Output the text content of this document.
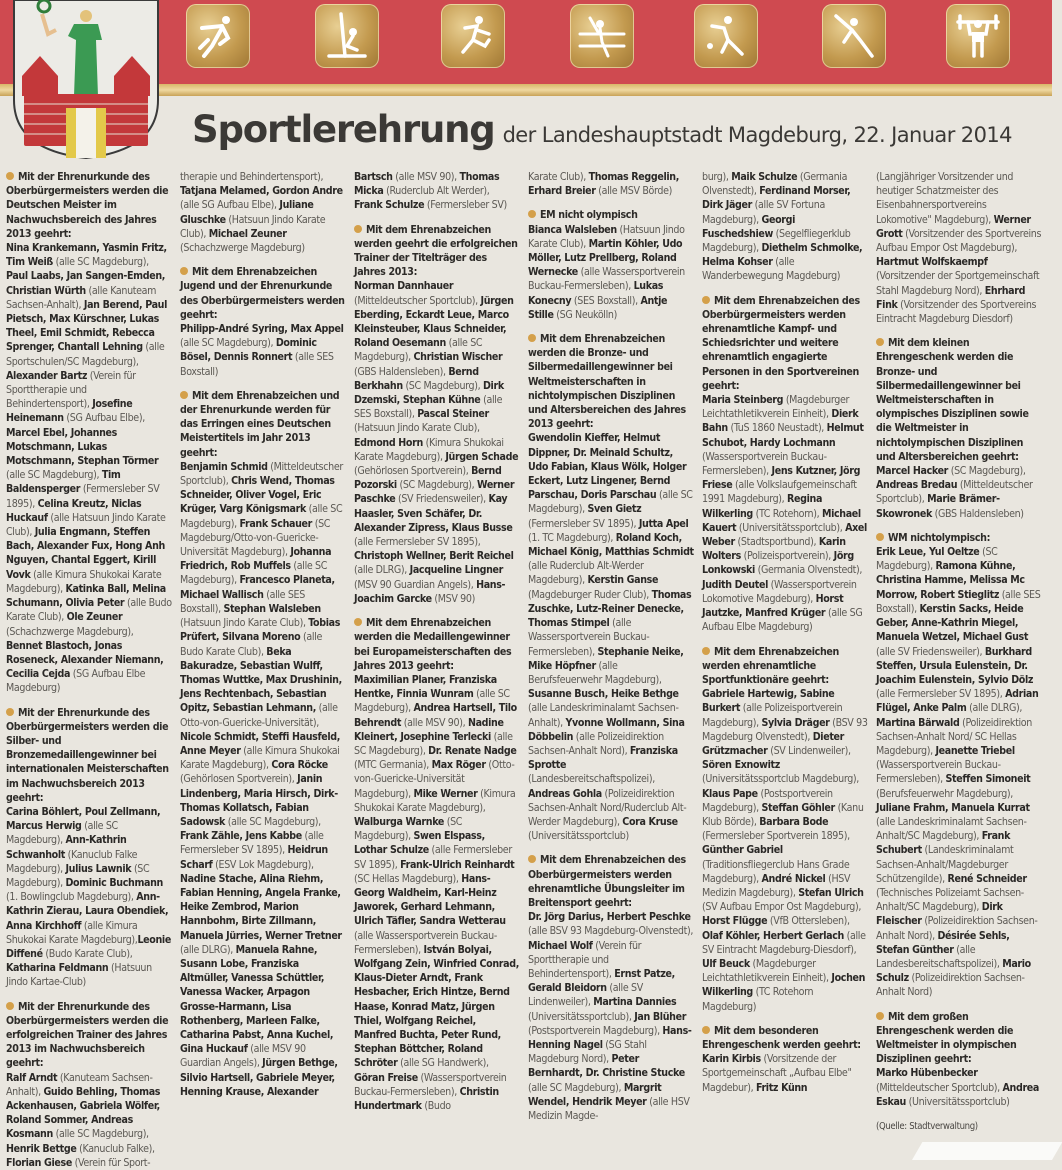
Sportlerehrung der Landeshauptstadt Magdeburg, 22. Januar 2014

Mit der Ehrenurkunde des Oberbürgermeisters werden die Deutschen Meister im Nachwuchsbereich des Jahres 2013 geehrt:
Nina Krankemann, Yasmin Fritz, Tim Weiß (alle SC Magdeburg), Paul Laabs, Jan Sangen-Emden, Christian Würth (alle Kanuteam Sachsen-Anhalt), Jan Berend, Paul Pietsch, Max Kürschner, Lukas Theel, Emil Schmidt, Rebecca Sprenger, Chantall Lehning (alle Sportschulen/SC Magdeburg), Alexander Bartz (Verein für Sporttherapie und Behindertensport), Josefine Heinemann (SG Aufbau Elbe), Marcel Ebel, Johannes Motschmann, Lukas Motschmann, Stephan Törmer (alle SC Magdeburg), Tim Baldensperger (Fermersleber SV 1895), Celina Kreutz, Niclas Huckauf (alle Hatsuun Jindo Karate Club), Julia Engmann, Steffen Bach, Alexander Fux, Hong Anh Nguyen, Chantal Eggert, Kirill Vovk (alle Kimura Shukokai Karate Magdeburg), Katinka Ball, Melina Schumann, Olivia Peter (alle Budo Karate Club), Ole Zeuner (Schachzwerge Magdeburg), Bennet Blastoch, Jonas Roseneck, Alexander Niemann, Cecilia Cejda (SG Aufbau Elbe Magdeburg)

Mit der Ehrenurkunde des Oberbürgermeisters werden die Silber- und Bronzemedaillengewinner bei internationalen Meisterschaften im Nachwuchsbereich 2013 geehrt:
Carina Böhlert, Poul Zellmann, Marcus Herwig (alle SC Magdeburg), Ann-Kathrin Schwanholt (Kanuclub Falke Magdeburg), Julius Lawnik (SC Magdeburg), Dominic Buchmann (1. Bowlingclub Magdeburg), Ann-Kathrin Zierau, Laura Obendiek, Anna Kirchhoff (alle Kimura Shukokai Karate Magdeburg),Leonie Diffené (Budo Karate Club), Katharina Feldmann (Hatsuun Jindo Kartae-Club)

Mit der Ehrenurkunde des Oberbürgermeisters werden die erfolgreichen Trainer des Jahres 2013 im Nachwuchsbereich geehrt:
Ralf Arndt (Kanuteam Sachsen-Anhalt), Guido Behling, Thomas Ackenhausen, Gabriela Wölfer, Roland Sommer, Andreas Kosmann (alle SC Magdeburg), Henrik Bettge (Kanuclub Falke), Florian Giese (Verein für Sport-

therapie und Behindertensport), Tatjana Melamed, Gordon Andre (alle SG Aufbau Elbe), Juliane Gluschke (Hatsuun Jindo Karate Club), Michael Zeuner (Schachzwerge Magdeburg)

Mit dem Ehrenabzeichen Jugend und der Ehrenurkunde des Oberbürgermeisters werden geehrt:
Philipp-André Syring, Max Appel (alle SC Magdeburg), Dominic Bösel, Dennis Ronnert (alle SES Boxstall)

Mit dem Ehrenabzeichen und der Ehrenurkunde werden für das Erringen eines Deutschen Meistertitels im Jahr 2013 geehrt:
Benjamin Schmid (Mitteldeutscher Sportclub), Chris Wend, Thomas Schneider, Oliver Vogel, Eric Krüger, Varg Königsmark (alle SC Magdeburg), Frank Schauer (SC Magdeburg/Otto-von-Guericke-Universität Magdeburg), Johanna Friedrich, Rob Muffels (alle SC Magdeburg), Francesco Planeta, Michael Wallisch (alle SES Boxstall), Stephan Walsleben (Hatsuun Jindo Karate Club), Tobias Prüfert, Silvana Moreno (alle Budo Karate Club), Beka Bakuradze, Sebastian Wulff, Thomas Wuttke, Max Drushinin, Jens Rechtenbach, Sebastian Opitz, Sebastian Lehmann, (alle Otto-von-Guericke-Universität), Nicole Schmidt, Steffi Hausfeld, Anne Meyer (alle Kimura Shukokai Karate Magdeburg), Cora Röcke (Gehörlosen Sportverein), Janin Lindenberg, Maria Hirsch, Dirk-Thomas Kollatsch, Fabian Sadowsk (alle SC Magdeburg), Frank Zähle, Jens Kabbe (alle Fermersleber SV 1895), Heidrun Scharf (ESV Lok Magdeburg), Nadine Stache, Alina Riehm, Fabian Henning, Angela Franke, Heike Zembrod, Marion Hannbohm, Birte Zillmann, Manuela Jürries, Werner Tretner (alle DLRG), Manuela Rahne, Susann Lobe, Franziska Altmüller, Vanessa Schüttler, Vanessa Wacker, Arpagon Grosse-Harmann, Lisa Rothenberg, Marleen Falke, Catharina Pabst, Anna Kuchel, Gina Huckauf (alle MSV 90 Guardian Angels), Jürgen Bethge, Silvio Hartsell, Gabriele Meyer, Henning Krause, Alexander

Bartsch (alle MSV 90), Thomas Micka (Ruderclub Alt Werder), Frank Schulze (Fermersleber SV)

Mit dem Ehrenabzeichen werden geehrt die erfolgreichen Trainer der Titelträger des Jahres 2013:
Norman Dannhauer (Mitteldeutscher Sportclub), Jürgen Eberding, Eckardt Leue, Marco Kleinsteuber, Klaus Schneider, Roland Oesemann (alle SC Magdeburg), Christian Wischer (GBS Haldensleben), Bernd Berkhahn (SC Magdeburg), Dirk Dzemski, Stephan Kühne (alle SES Boxstall), Pascal Steiner (Hatsuun Jindo Karate Club), Edmond Horn (Kimura Shukokai Karate Magdeburg), Jürgen Schade (Gehörlosen Sportverein), Bernd Pozorski (SC Magdeburg), Werner Paschke (SV Friedensweiler), Kay Haasler, Sven Schäfer, Dr. Alexander Zipress, Klaus Busse (alle Fermersleber SV 1895), Christoph Wellner, Berit Reichel (alle DLRG), Jacqueline Lingner (MSV 90 Guardian Angels), Hans-Joachim Garcke (MSV 90)

Mit dem Ehrenabzeichen werden die Medaillengewinner bei Europameisterschaften des Jahres 2013 geehrt:
Maximilian Planer, Franziska Hentke, Finnia Wunram (alle SC Magdeburg), Andrea Hartsell, Tilo Behrendt (alle MSV 90), Nadine Kleinert, Josephine Terlecki (alle SC Magdeburg), Dr. Renate Nadge (MTC Germania), Max Röger (Otto-von-Guericke-Universität Magdeburg), Mike Werner (Kimura Shukokai Karate Magdeburg), Walburga Warnke (SC Magdeburg), Swen Elspass, Lothar Schulze (alle Fermersleber SV 1895), Frank-Ulrich Reinhardt (SC Hellas Magdeburg), Hans-Georg Waldheim, Karl-Heinz Jaworek, Gerhard Lehmann, Ulrich Täfler, Sandra Wetterau (alle Wassersportverein Buckau-Fermersleben), István Bolyai, Wolfgang Zein, Winfried Conrad, Klaus-Dieter Arndt, Frank Hesbacher, Erich Hintze, Bernd Haase, Konrad Matz, Jürgen Thiel, Wolfgang Reichel, Manfred Buchta, Peter Rund, Stephan Böttcher, Roland Schröter (alle SG Handwerk), Göran Freise (Wassersportverein Buckau-Fermersleben), Christin Hundertmark (Budo

Karate Club), Thomas Reggelin, Erhard Breier (alle MSV Börde)

EM nicht olympisch
Bianca Walsleben (Hatsuun Jindo Karate Club), Martin Köhler, Udo Möller, Lutz Prellberg, Roland Wernecke (alle Wassersportverein Buckau-Fermersleben), Lukas Konecny (SES Boxstall), Antje Stille (SG Neukölln)

Mit dem Ehrenabzeichen werden die Bronze- und Silbermedaillengewinner bei Weltmeisterschaften in nichtolympischen Disziplinen und Altersbereichen des Jahres 2013 geehrt:
Gwendolin Kieffer, Helmut Dippner, Dr. Meinald Schultz, Udo Fabian, Klaus Wölk, Holger Eckert, Lutz Lingener, Bernd Parschau, Doris Parschau (alle SC Magdeburg), Sven Gietz (Fermersleber SV 1895), Jutta Apel (1. TC Magdeburg), Roland Koch, Michael König, Matthias Schmidt (alle Ruderclub Alt-Werder Magdeburg), Kerstin Ganse (Magdeburger Ruder Club), Thomas Zuschke, Lutz-Reiner Denecke, Thomas Stimpel (alle Wassersportverein Buckau-Fermersleben), Stephanie Neike, Mike Höpfner (alle Berufsfeuerwehr Magdeburg), Susanne Busch, Heike Bethge (alle Landeskriminalamt Sachsen-Anhalt), Yvonne Wollmann, Sina Döbbelin (alle Polizeidirektion Sachsen-Anhalt Nord), Franziska Sprotte (Landesbereitschaftspolizei), Andreas Gohla (Polizeidirektion Sachsen-Anhalt Nord/Ruderclub Alt-Werder Magdeburg), Cora Kruse (Universitätssportclub)

Mit dem Ehrenabzeichen des Oberbürgermeisters werden ehrenamtliche Übungsleiter im Breitensport geehrt:
Dr. Jörg Darius, Herbert Peschke (alle BSV 93 Magdeburg-Olvenstedt), Michael Wolf (Verein für Sporttherapie und Behindertensport), Ernst Patze, Gerald Bleidorn (alle SV Lindenweiler), Martina Dannies (Universitätssportclub), Jan Blüher (Postsportverein Magdeburg), Hans-Henning Nagel (SG Stahl Magdeburg Nord), Peter Bernhardt, Dr. Christine Stucke (alle SC Magdeburg), Margrit Wendel, Hendrik Meyer (alle HSV Medizin Magde-

burg), Maik Schulze (Germania Olvenstedt), Ferdinand Morser, Dirk Jäger (alle SV Fortuna Magdeburg), Georgi Fuschedshiew (Segelfliegerklub Magdeburg), Diethelm Schmolke, Helma Kohser (alle Wanderbewegung Magdeburg)

Mit dem Ehrenabzeichen des Oberbürgermeisters werden ehrenamtliche Kampf- und Schiedsrichter und weitere ehrenamtlich engagierte Personen in den Sportvereinen geehrt:
Maria Steinberg (Magdeburger Leichtathletikverein Einheit), Dierk Bahn (TuS 1860 Neustadt), Helmut Schubot, Hardy Lochmann (Wassersportverein Buckau-Fermersleben), Jens Kutzner, Jörg Friese (alle Volkslaufgemeinschaft 1991 Magdeburg), Regina Wilkerling (TC Rotehorn), Michael Kauert (Universitätssportclub), Axel Weber (Stadtsportbund), Karin Wolters (Polizeisportverein), Jörg Lonkowski (Germania Olvenstedt), Judith Deutel (Wassersportverein Lokomotive Magdeburg), Horst Jautzke, Manfred Krüger (alle SG Aufbau Elbe Magdeburg)

Mit dem Ehrenabzeichen werden ehrenamtliche Sportfunktionäre geehrt:
Gabriele Hartewig, Sabine Burkert (alle Polizeisportverein Magdeburg), Sylvia Dräger (BSV 93 Magdeburg Olvenstedt), Dieter Grützmacher (SV Lindenweiler), Sören Exnowitz (Universitätssportclub Magdeburg), Klaus Pape (Postsportverein Magdeburg), Steffan Göhler (Kanu Klub Börde), Barbara Bode (Fermersleber Sportverein 1895), Günther Gabriel (Traditionsfliegerclub Hans Grade Magdeburg), André Nickel (HSV Medizin Magdeburg), Stefan Ulrich (SV Aufbau Empor Ost Magdeburg), Horst Flügge (VfB Ottersleben), Olaf Köhler, Herbert Gerlach (alle SV Eintracht Magdeburg-Diesdorf), Ulf Beuck (Magdeburger Leichtathletikverein Einheit), Jochen Wilkerling (TC Rotehorn Magdeburg)

Mit dem besonderen Ehrengeschenk werden geehrt:
Karin Kirbis (Vorsitzende der Sportgemeinschaft „Aufbau Elbe" Magdebur), Fritz Künn

(Langjähriger Vorsitzender und heutiger Schatzmeister des Eisenbahnersportvereins Lokomotive" Magdeburg), Werner Grott (Vorsitzender des Sportvereins Aufbau Empor Ost Magdeburg), Hartmut Wolfskaempf (Vorsitzender der Sportgemeinschaft Stahl Magdeburg Nord), Ehrhard Fink (Vorsitzender des Sportvereins Eintracht Magdeburg Diesdorf)

Mit dem kleinen Ehrengeschenk werden die Bronze- und Silbermedaillengewinner bei Weltmeisterschaften in olympisches Disziplinen sowie die Weltmeister in nichtolympischen Disziplinen und Altersbereichen geehrt:
Marcel Hacker (SC Magdeburg), Andreas Bredau (Mitteldeutscher Sportclub), Marie Brämer-Skowronek (GBS Haldensleben)

WM nichtolympisch:
Erik Leue, Yul Oeltze (SC Magdeburg), Ramona Kühne, Christina Hamme, Melissa Mc Morrow, Robert Stieglitz (alle SES Boxstall), Kerstin Sacks, Heide Geber, Anne-Kathrin Miegel, Manuela Wetzel, Michael Gust (alle SV Friedensweiler), Burkhard Steffen, Ursula Eulenstein, Dr. Joachim Eulenstein, Sylvio Dölz (alle Fermersleber SV 1895), Adrian Flügel, Anke Palm (alle DLRG), Martina Bärwald (Polizeidirektion Sachsen-Anhalt Nord/ SC Hellas Magdeburg), Jeanette Triebel (Wassersportverein Buckau-Fermersleben), Steffen Simoneit (Berufsfeuerwehr Magdeburg), Juliane Frahm, Manuela Kurrat (alle Landeskriminalamt Sachsen-Anhalt/SC Magdeburg), Frank Schubert (Landeskriminalamt Sachsen-Anhalt/Magdeburger Schützengilde), René Schneider (Technisches Polizeiamt Sachsen-Anhalt/SC Magdeburg), Dirk Fleischer (Polizeidirektion Sachsen-Anhalt Nord), Désirée Sehls, Stefan Günther (alle Landesbereitschaftspolizei), Mario Schulz (Polizeidirektion Sachsen-Anhalt Nord)

Mit dem großen Ehrengeschenk werden die Weltmeister in olympischen Disziplinen geehrt:
Marko Hübenbecker (Mitteldeutscher Sportclub), Andrea Eskau (Universitätssportclub)

(Quelle: Stadtverwaltung)
